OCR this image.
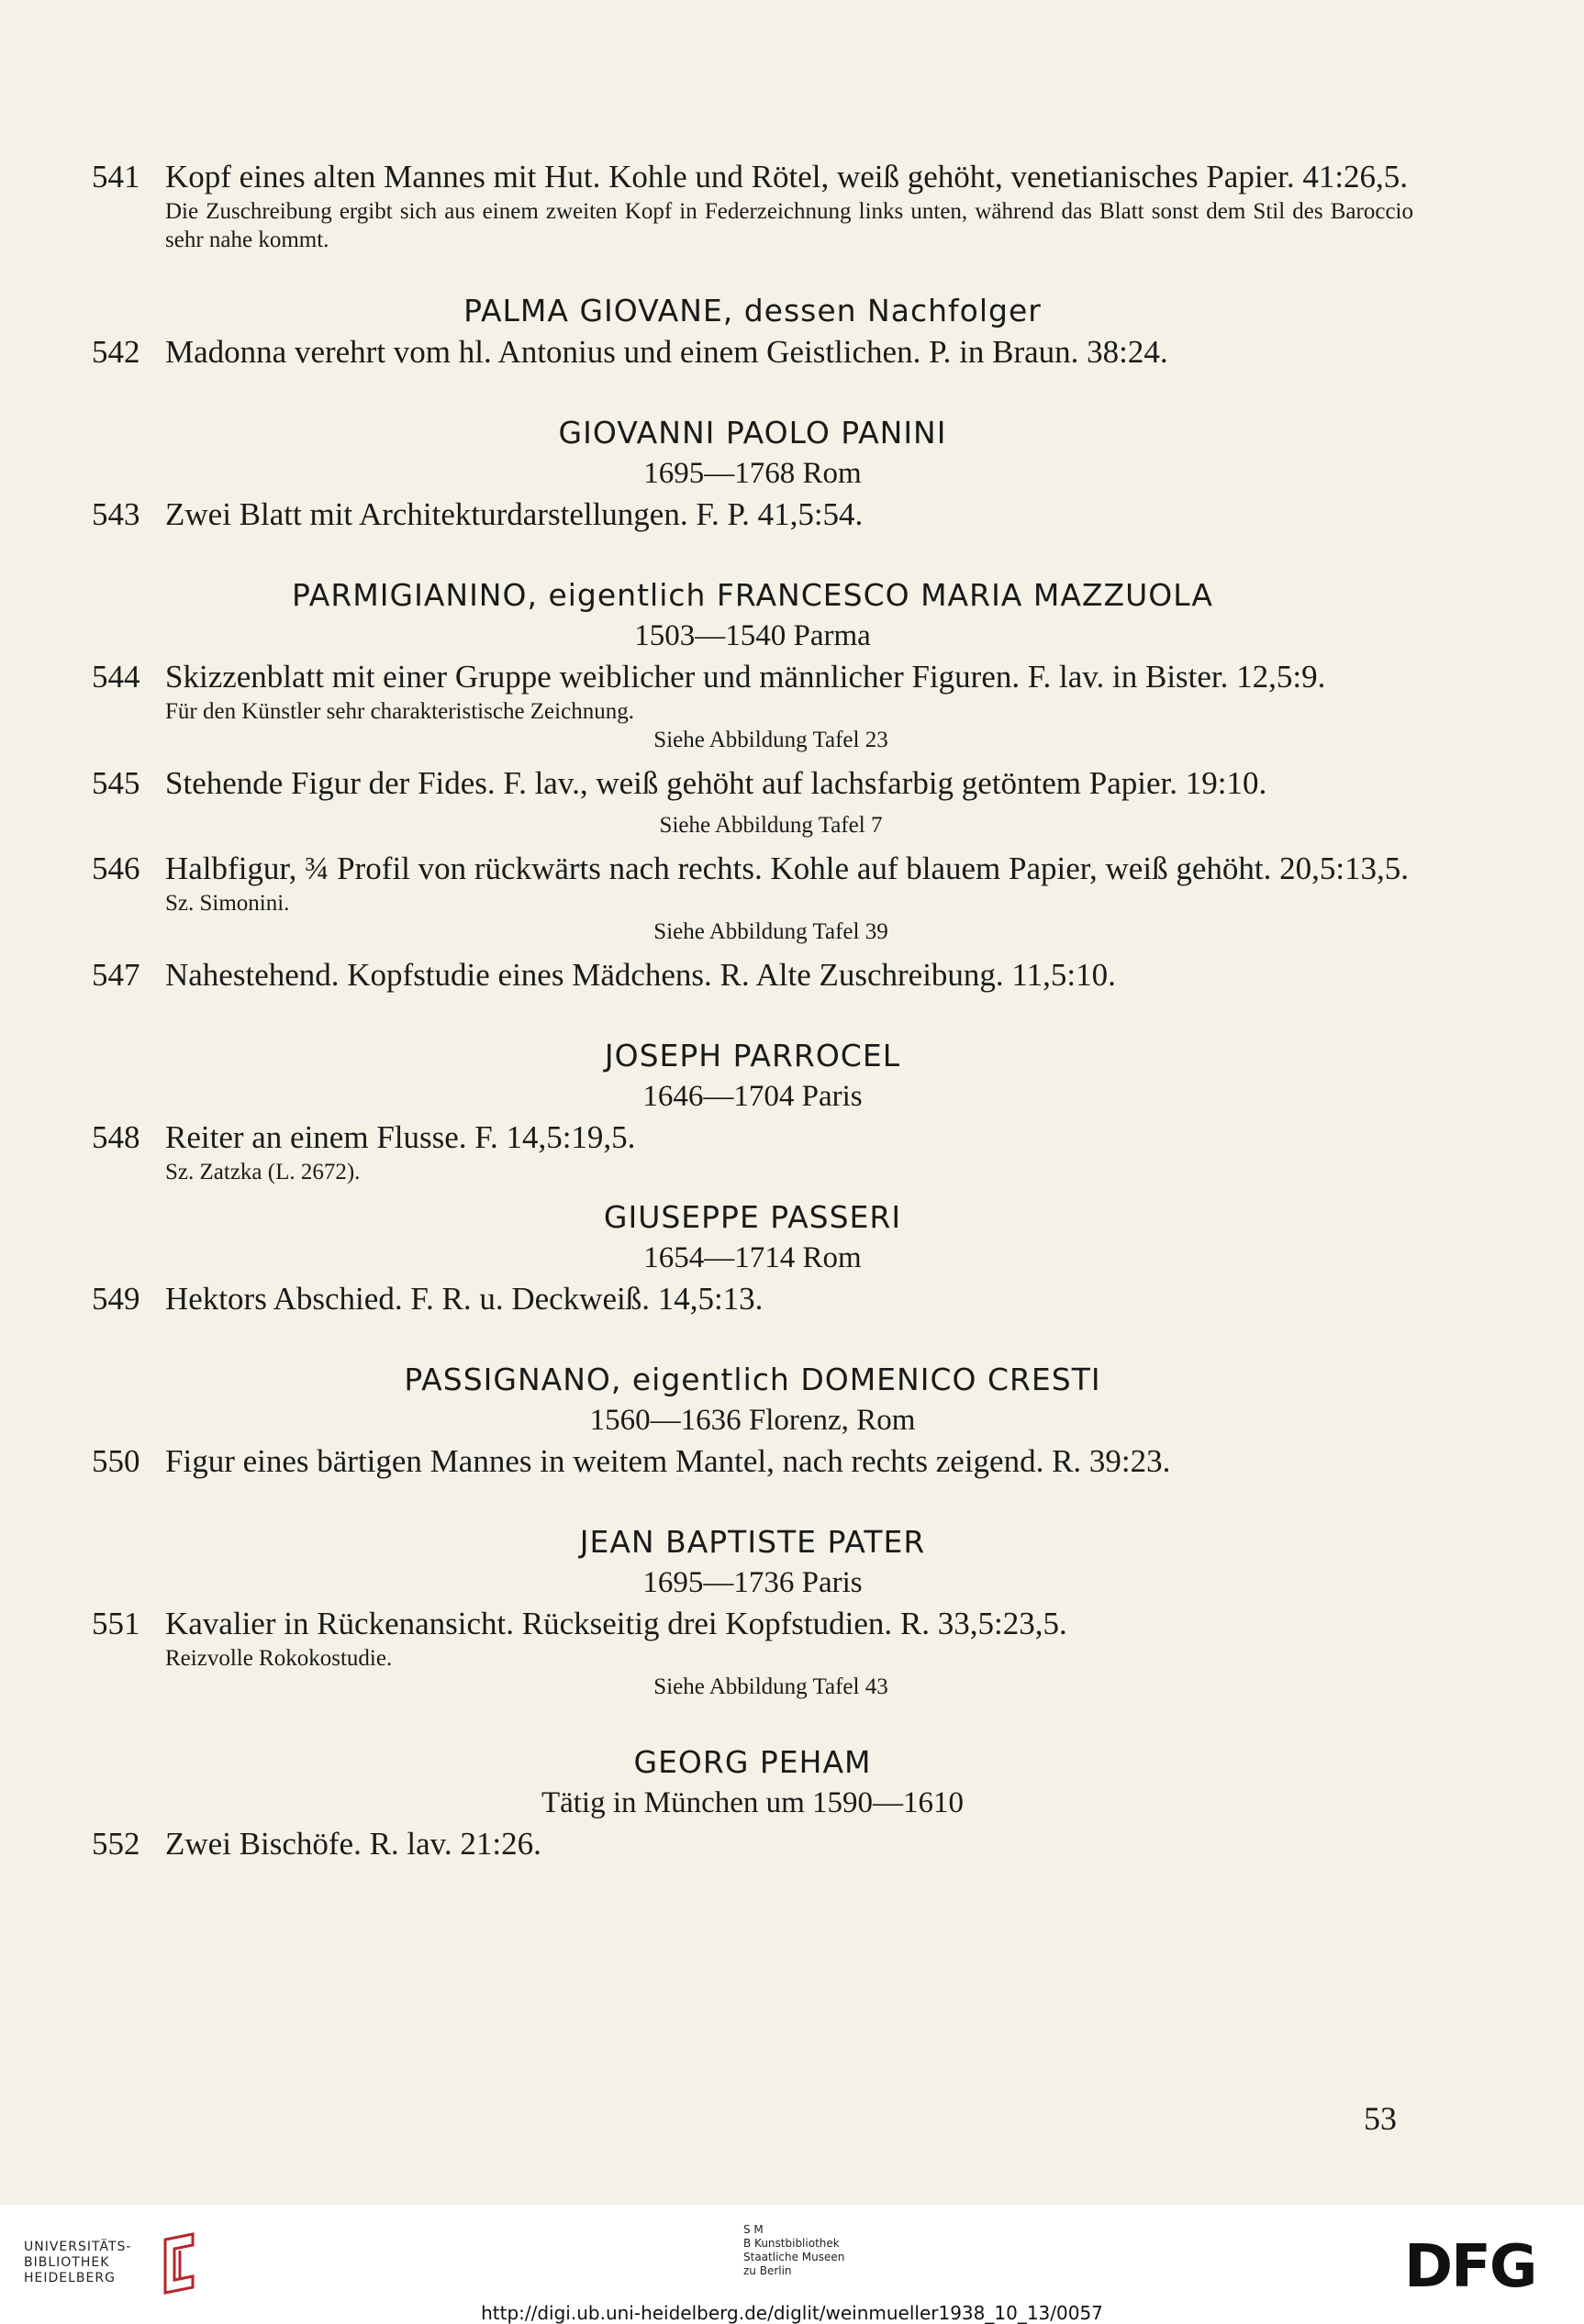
541 Kopf eines alten Mannes mit Hut. Kohle und Rötel, weiß gehöht, venetianisches Papier. 41:26,5.

Die Zuschreibung ergibt sich aus einem zweiten Kopf in Federzeichnung links unten, während das Blatt sonst dem Stil des Baroccio sehr nahe kommt.

PALMA GIOVANE, dessen Nachfolger

542 Madonna verehrt vom hl. Antonius und einem Geistlichen. P. in Braun. 38:24.

GIOVANNI PAOLO PANINI

1695—1768 Rom

543 Zwei Blatt mit Architekturdarstellungen. F. P. 41,5:54.

PARMIGIANINO, eigentlich FRANCESCO MARIA MAZZUOLA

1503—1540 Parma

544 Skizzenblatt mit einer Gruppe weiblicher und männlicher Figuren. F. lav. in Bister. 12,5:9.

Für den Künstler sehr charakteristische Zeichnung.

Siehe Abbildung Tafel 23

545 Stehende Figur der Fides. F. lav., weiß gehöht auf lachsfarbig getöntem Papier. 19:10.

Siehe Abbildung Tafel 7

546 Halbfigur, ¾ Profil von rückwärts nach rechts. Kohle auf blauem Papier, weiß gehöht. 20,5:13,5.

Sz. Simonini.

Siehe Abbildung Tafel 39

547 Nahestehend. Kopfstudie eines Mädchens. R. Alte Zuschreibung. 11,5:10.

JOSEPH PARROCEL

1646—1704 Paris

548 Reiter an einem Flusse. F. 14,5:19,5.

Sz. Zatzka (L. 2672).

GIUSEPPE PASSERI

1654—1714 Rom

549 Hektors Abschied. F. R. u. Deckweiß. 14,5:13.

PASSIGNANO, eigentlich DOMENICO CRESTI

1560—1636 Florenz, Rom

550 Figur eines bärtigen Mannes in weitem Mantel, nach rechts zeigend. R. 39:23.

JEAN BAPTISTE PATER

1695—1736 Paris

551 Kavalier in Rückenansicht. Rückseitig drei Kopfstudien. R. 33,5:23,5.

Reizvolle Rokokostudie.

Siehe Abbildung Tafel 43

GEORG PEHAM

Tätig in München um 1590—1610

552 Zwei Bischöfe. R. lav. 21:26.

53
UNIVERSITÄTS-
BIBLIOTHEK
HEIDELBERG
S M
B Kunstbibliothek
Staatliche Museen
zu Berlin	DFG
http://digi.ub.uni-heidelberg.de/diglit/weinmueller1938_10_13/0057
